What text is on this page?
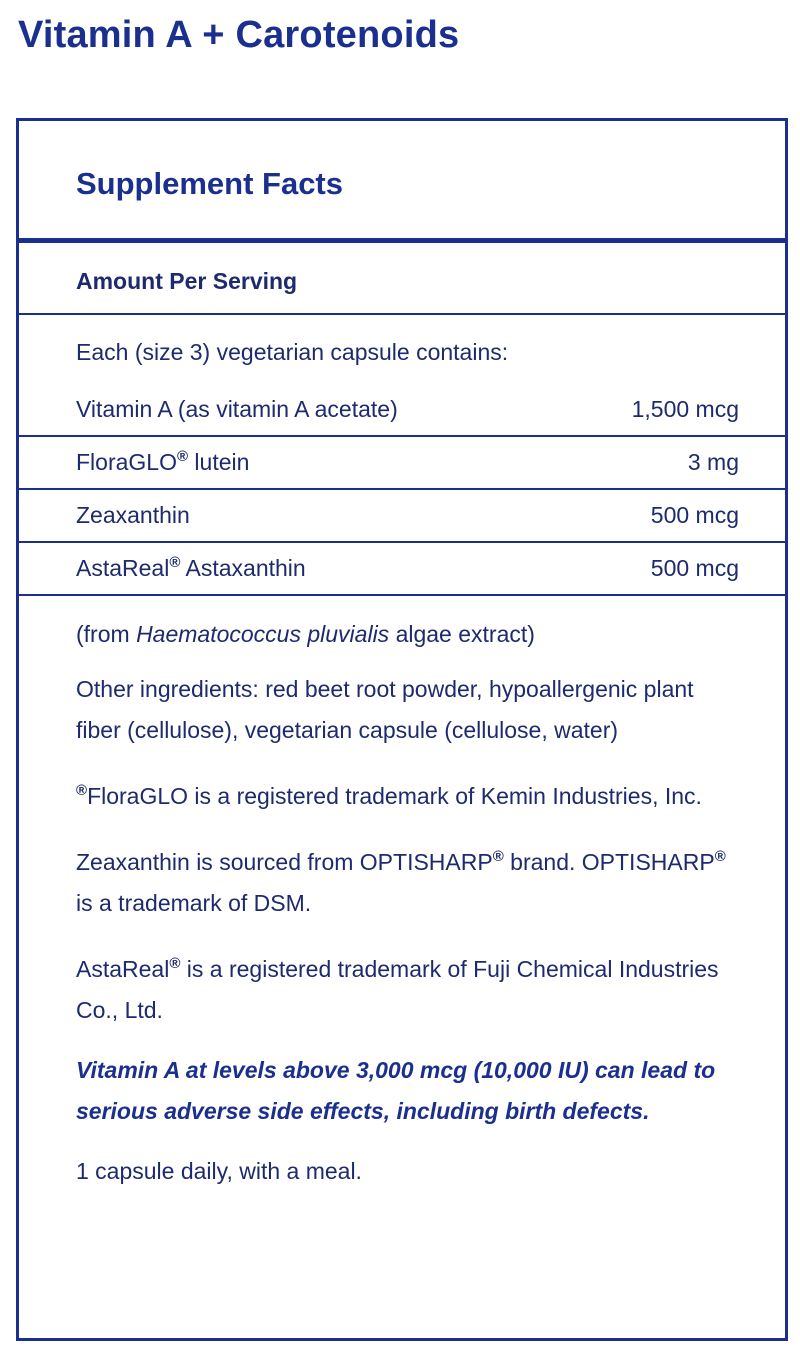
Vitamin A + Carotenoids
Supplement Facts
Amount Per Serving
Each (size 3) vegetarian capsule contains:
Vitamin A (as vitamin A acetate)	1,500 mcg
FloraGLO® lutein	3 mg
Zeaxanthin	500 mcg
AstaReal® Astaxanthin	500 mcg
(from Haematococcus pluvialis algae extract)
Other ingredients: red beet root powder, hypoallergenic plant fiber (cellulose), vegetarian capsule (cellulose, water)
®FloraGLO is a registered trademark of Kemin Industries, Inc.
Zeaxanthin is sourced from OPTISHARP® brand. OPTISHARP® is a trademark of DSM.
AstaReal® is a registered trademark of Fuji Chemical Industries Co., Ltd.
Vitamin A at levels above 3,000 mcg (10,000 IU) can lead to serious adverse side effects, including birth defects.
1 capsule daily, with a meal.
